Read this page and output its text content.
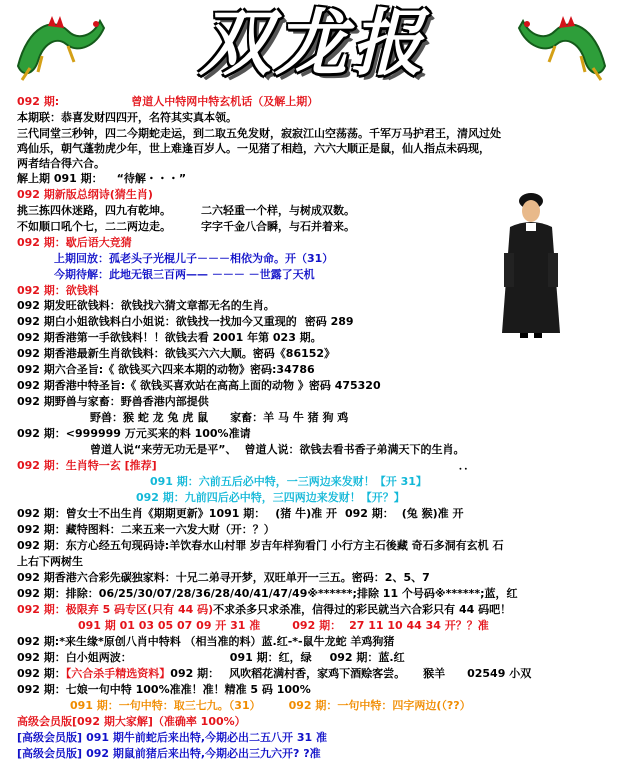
双龙报
092 期:	曾道人中特网中特玄机话（及解上期）
本期联：恭喜发财四四开，名符其实真本领。
三代同堂三秒钟，四二今期蛇走运，到二取五免发财，寂寂江山空荡荡。千军万马护君王，清风过处
鸡仙乐，朝气蓬勃虎少年，世上难逢百岁人。一见猪了相趋，六六大顺正是鼠，仙人指点未码现，
两者结合得六合。
解上期 091 期： “待解・・・”
092 期新版总纲诗(猜生肖)
挑三拣四休迷路，四九有乾坤。	二六轻重一个样，与树成双数。
不如顺口吼个七，二二两边走。	字字千金八合瞬，与石并着来。
092 期：歇后语大竞猜
上期回放：孤老头子光棍儿子－－－相依为命。开（31）
今期待解：此地无银三百两—— －－－ －世露了天机
092 期：欲钱料
092 期发旺欲钱料：欲钱找六猜文章都无名的生肖。
092 期白小姐欲钱料白小姐说：欲钱找一找加今又重现的 密码 289
092 期香港第一手欲钱料！！欲钱去看 2001 年第 023 期。
092 期香港最新生肖欲钱料：欲钱买六六大顺。密码《86152》
092 期六合圣旨:《 欲钱买六四来本期的动物》密码:34786
092 期香港中特圣旨:《 欲钱买喜欢站在高高上面的动物 》密码 475320
092 期野兽与家畜：野兽香港内部提供
野兽：猴 蛇 龙 兔 虎 鼠 家畜：羊 马 牛 猪 狗 鸡
092 期：<999999 万元买来的料 100%准请
曾道人说“来劳无功无是平”、 曾道人说：欲钱去看书香子弟满天下的生肖。
092 期：生肖特一玄 [推荐]	．．
091 期：六前五后必中特，一三两边来发财！【开 31】
092 期：九前四后必中特，三四两边来发财！【开？】
092 期：曾女士不出生肖《期期更新》1091 期： (猪 牛)准 开 092 期： (兔 猴)准 开
092 期：藏特图料：二来五来一六发大财（开：？）
092 期：东方心经五句现码诗:羊饮春水山村罪 岁吉年样狗看门 小行方主石後藏 奇石多洞有玄机 石
上右下两树生
092 期香港六合彩先碳独家料：十兄二弟寻开梦，双旺单开一三五。密码：2、5、7
092 期：排除：06/25/30/07/28/36/28/40/41/47/49※******;排除 11 个号码※******;蓝，红
092 期：极限弃 5 码专区(只有 44 码)不求杀多只求杀准，信得过的彩民就当六合彩只有 44 码吧！
091 期 01 03 05 07 09 开 31 准	092 期： 27 11 10 44 34 开？？准
092 期:*来生缘*原创八肖中特料 （相当准的料）蓝.红-*-鼠牛龙蛇 羊鸡狗猪
092 期：白小姐两波：	091 期：红，绿 092 期：蓝.红
092 期：【六合杀手精选资料】092 期： 风吹稻花满村香，家鸡下酒赊客尝。 猴羊 02549 小双
092 期：七娘一句中特 100%准准！准！精准 5 码 100%
091 期：一句中特：取三七九。（31）	092 期：一句中特：四字两边(（??）
高级会员版[092 期大家解]（准确率 100%）
[高级会员版] 091 期牛前蛇后来出特,今期必出二五八开 31 准
[高级会员版] 092 期鼠前猪后来出特,今期必出三九六开? ?准
